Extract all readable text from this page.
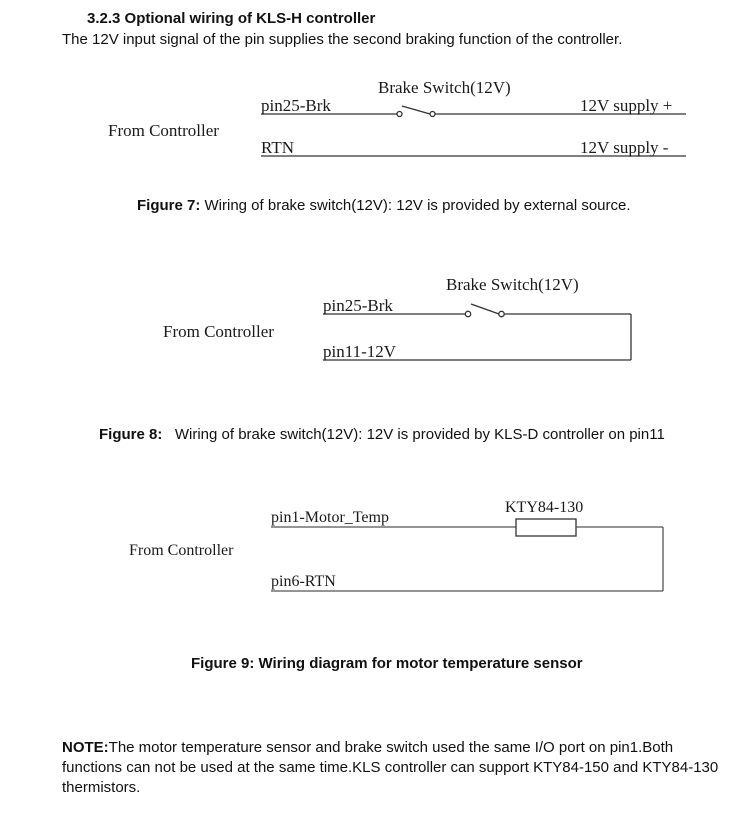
3.2.3 Optional wiring of KLS-H controller
The 12V input signal of the pin supplies the second braking function of the controller.
From Controller
Brake Switch(12V)
pin25-Brk
RTN
12V supply +
12V supply -
Figure 7: Wiring of brake switch(12V): 12V is provided by external source.
From Controller
Brake Switch(12V)
pin25-Brk
pin11-12V
Figure 8:   Wiring of brake switch(12V): 12V is provided by KLS-D controller on pin11
From Controller
KTY84-130
pin1-Motor_Temp
pin6-RTN
Figure 9: Wiring diagram for motor temperature sensor
NOTE:The motor temperature sensor and brake switch used the same I/O port on pin1.Both functions can not be used at the same time.KLS controller can support KTY84-150 and KTY84-130 thermistors.
